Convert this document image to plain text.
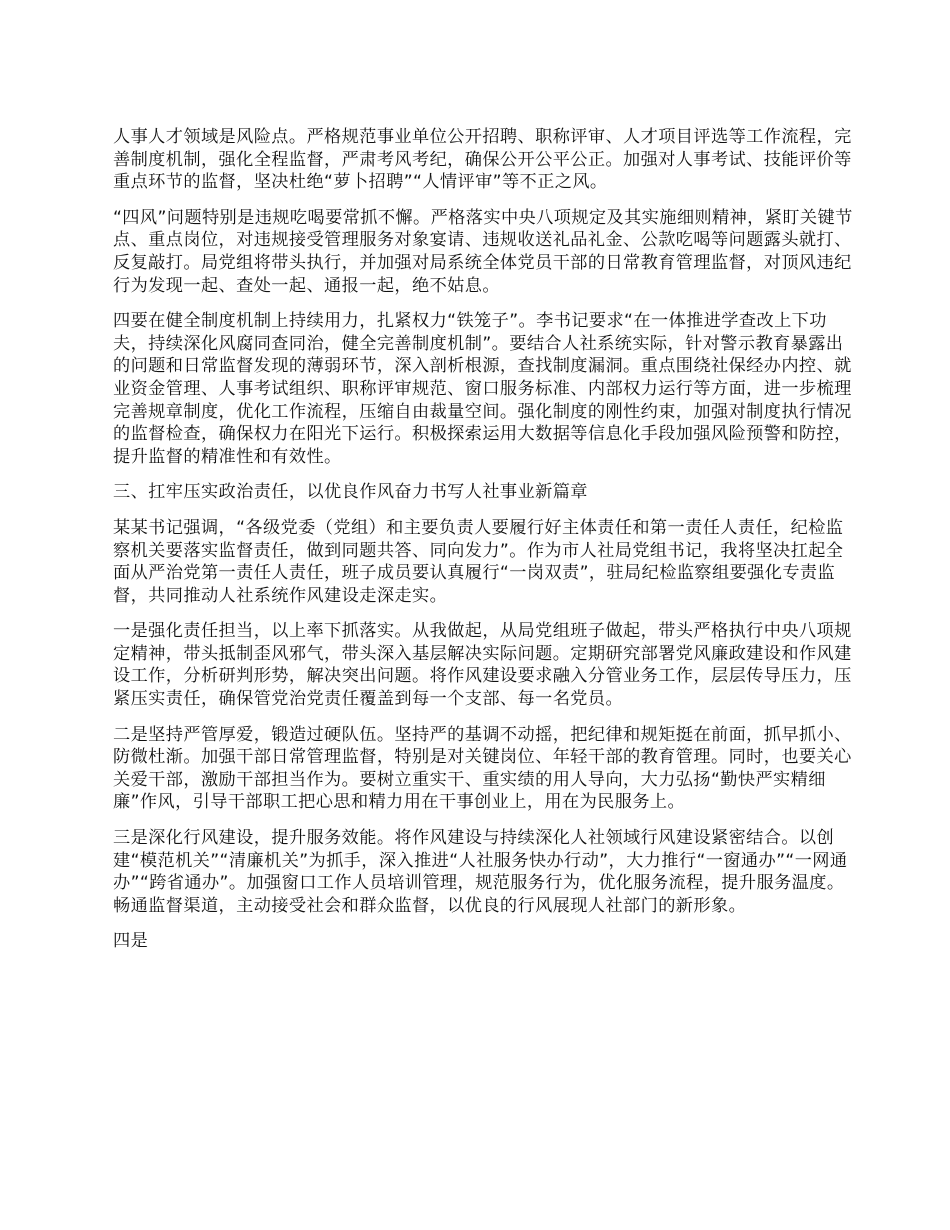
人事人才领域是风险点。严格规范事业单位公开招聘、职称评审、人才项目评选等工作流程，完善制度机制，强化全程监督，严肃考风考纪，确保公开公平公正。加强对人事考试、技能评价等重点环节的监督，坚决杜绝“萝卜招聘”“人情评审”等不正之风。

“四风”问题特别是违规吃喝要常抓不懈。严格落实中央八项规定及其实施细则精神，紧盯关键节点、重点岗位，对违规接受管理服务对象宴请、违规收送礼品礼金、公款吃喝等问题露头就打、反复敲打。局党组将带头执行，并加强对局系统全体党员干部的日常教育管理监督，对顶风违纪行为发现一起、查处一起、通报一起，绝不姑息。

四要在健全制度机制上持续用力，扎紧权力“铁笼子”。李书记要求“在一体推进学查改上下功夫，持续深化风腐同查同治，健全完善制度机制”。要结合人社系统实际，针对警示教育暴露出的问题和日常监督发现的薄弱环节，深入剖析根源，查找制度漏洞。重点围绕社保经办内控、就业资金管理、人事考试组织、职称评审规范、窗口服务标准、内部权力运行等方面，进一步梳理完善规章制度，优化工作流程，压缩自由裁量空间。强化制度的刚性约束，加强对制度执行情况的监督检查，确保权力在阳光下运行。积极探索运用大数据等信息化手段加强风险预警和防控，提升监督的精准性和有效性。

三、扛牢压实政治责任，以优良作风奋力书写人社事业新篇章

某某书记强调，“各级党委（党组）和主要负责人要履行好主体责任和第一责任人责任，纪检监察机关要落实监督责任，做到同题共答、同向发力”。作为市人社局党组书记，我将坚决扛起全面从严治党第一责任人责任，班子成员要认真履行“一岗双责”，驻局纪检监察组要强化专责监督，共同推动人社系统作风建设走深走实。

一是强化责任担当，以上率下抓落实。从我做起，从局党组班子做起，带头严格执行中央八项规定精神，带头抵制歪风邪气，带头深入基层解决实际问题。定期研究部署党风廉政建设和作风建设工作，分析研判形势，解决突出问题。将作风建设要求融入分管业务工作，层层传导压力，压紧压实责任，确保管党治党责任覆盖到每一个支部、每一名党员。

二是坚持严管厚爱，锻造过硬队伍。坚持严的基调不动摇，把纪律和规矩挺在前面，抓早抓小、防微杜渐。加强干部日常管理监督，特别是对关键岗位、年轻干部的教育管理。同时，也要关心关爱干部，激励干部担当作为。要树立重实干、重实绩的用人导向，大力弘扬“勤快严实精细廉”作风，引导干部职工把心思和精力用在干事创业上，用在为民服务上。

三是深化行风建设，提升服务效能。将作风建设与持续深化人社领域行风建设紧密结合。以创建“模范机关”“清廉机关”为抓手，深入推进“人社服务快办行动”，大力推行“一窗通办”“一网通办”“跨省通办”。加强窗口工作人员培训管理，规范服务行为，优化服务流程，提升服务温度。畅通监督渠道，主动接受社会和群众监督，以优良的行风展现人社部门的新形象。

四是
